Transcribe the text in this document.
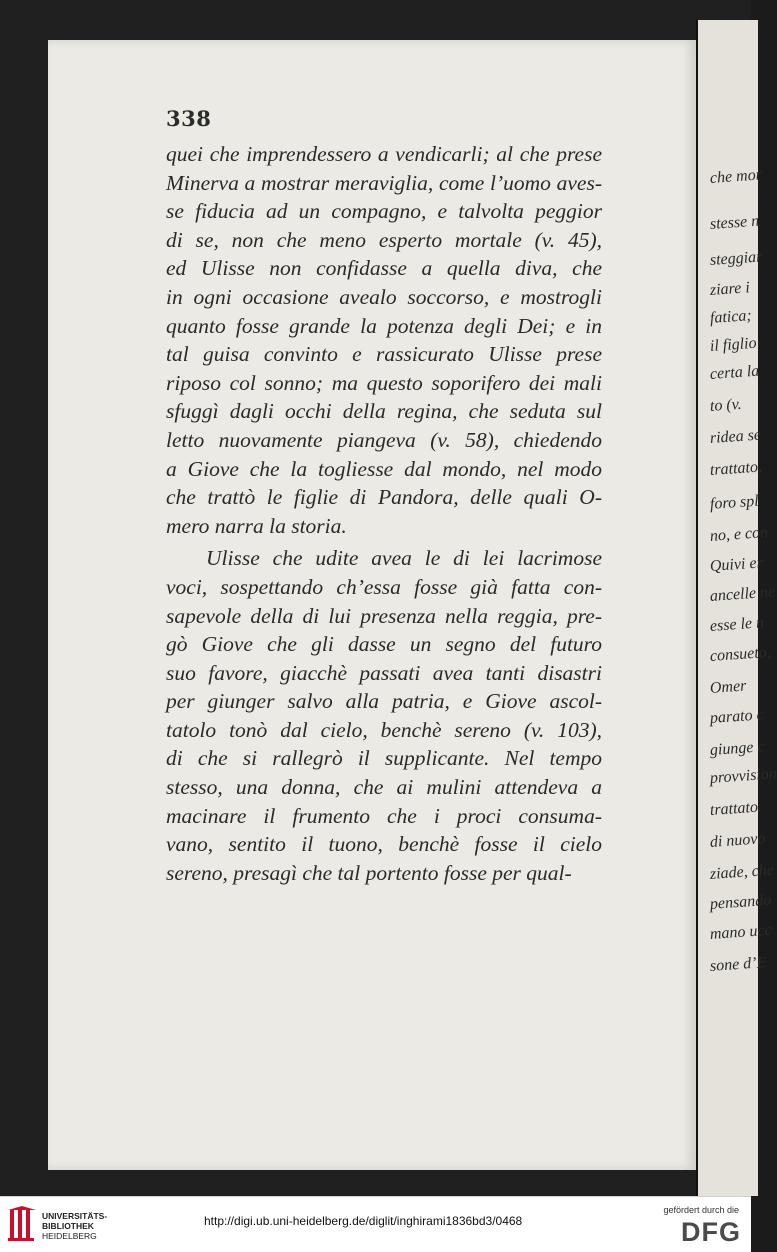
338
quei che imprendessero a vendicarli; al che prese
Minerva a mostrar meraviglia, come l’uomo aves-
se fiducia ad un compagno, e talvolta peggior
di se, non che meno esperto mortale (v. 45),
ed Ulisse non confidasse a quella diva, che
in ogni occasione avealo soccorso, e mostrogli
quanto fosse grande la potenza degli Dei; e in
tal guisa convinto e rassicurato Ulisse prese
riposo col sonno; ma questo soporifero dei mali
sfuggì dagli occhi della regina, che seduta sul
letto nuovamente piangeva (v. 58), chiedendo
a Giove che la togliesse dal mondo, nel modo
che trattò le figlie di Pandora, delle quali O-
mero narra la storia.
Ulisse che udite avea le di lei lacrimose
voci, sospettando ch’essa fosse già fatta con-
sapevole della di lui presenza nella reggia, pre-
gò Giove che gli dasse un segno del futuro
suo favore, giacchè passati avea tanti disastri
per giunger salvo alla patria, e Giove ascol-
tatolo tonò dal cielo, benchè sereno (v. 103),
di che si rallegrò il supplicante. Nel tempo
stesso, una donna, che ai mulini attendeva a
macinare il frumento che i proci consuma-
vano, sentito il tuono, benchè fosse il cielo
sereno, presagì che tal portento fosse per qual-
che mor
stesse n
steggiar
ziare i
fatica;
il figlio
certa la
to (v.
ridea se
trattato,
foro spl
no, e con
Quivi er
ancelle ne
esse le n
consueto,
Omer
parato c
giunge c
provvision
trattato.
di nuovo
ziade, che
pensando
mano ucc
sone d’E
UNIVERSITÄTS-
BIBLIOTHEK
HEIDELBERG
http://digi.ub.uni-heidelberg.de/diglit/inghirami1836bd3/0468
gefördert durch die
DFG
